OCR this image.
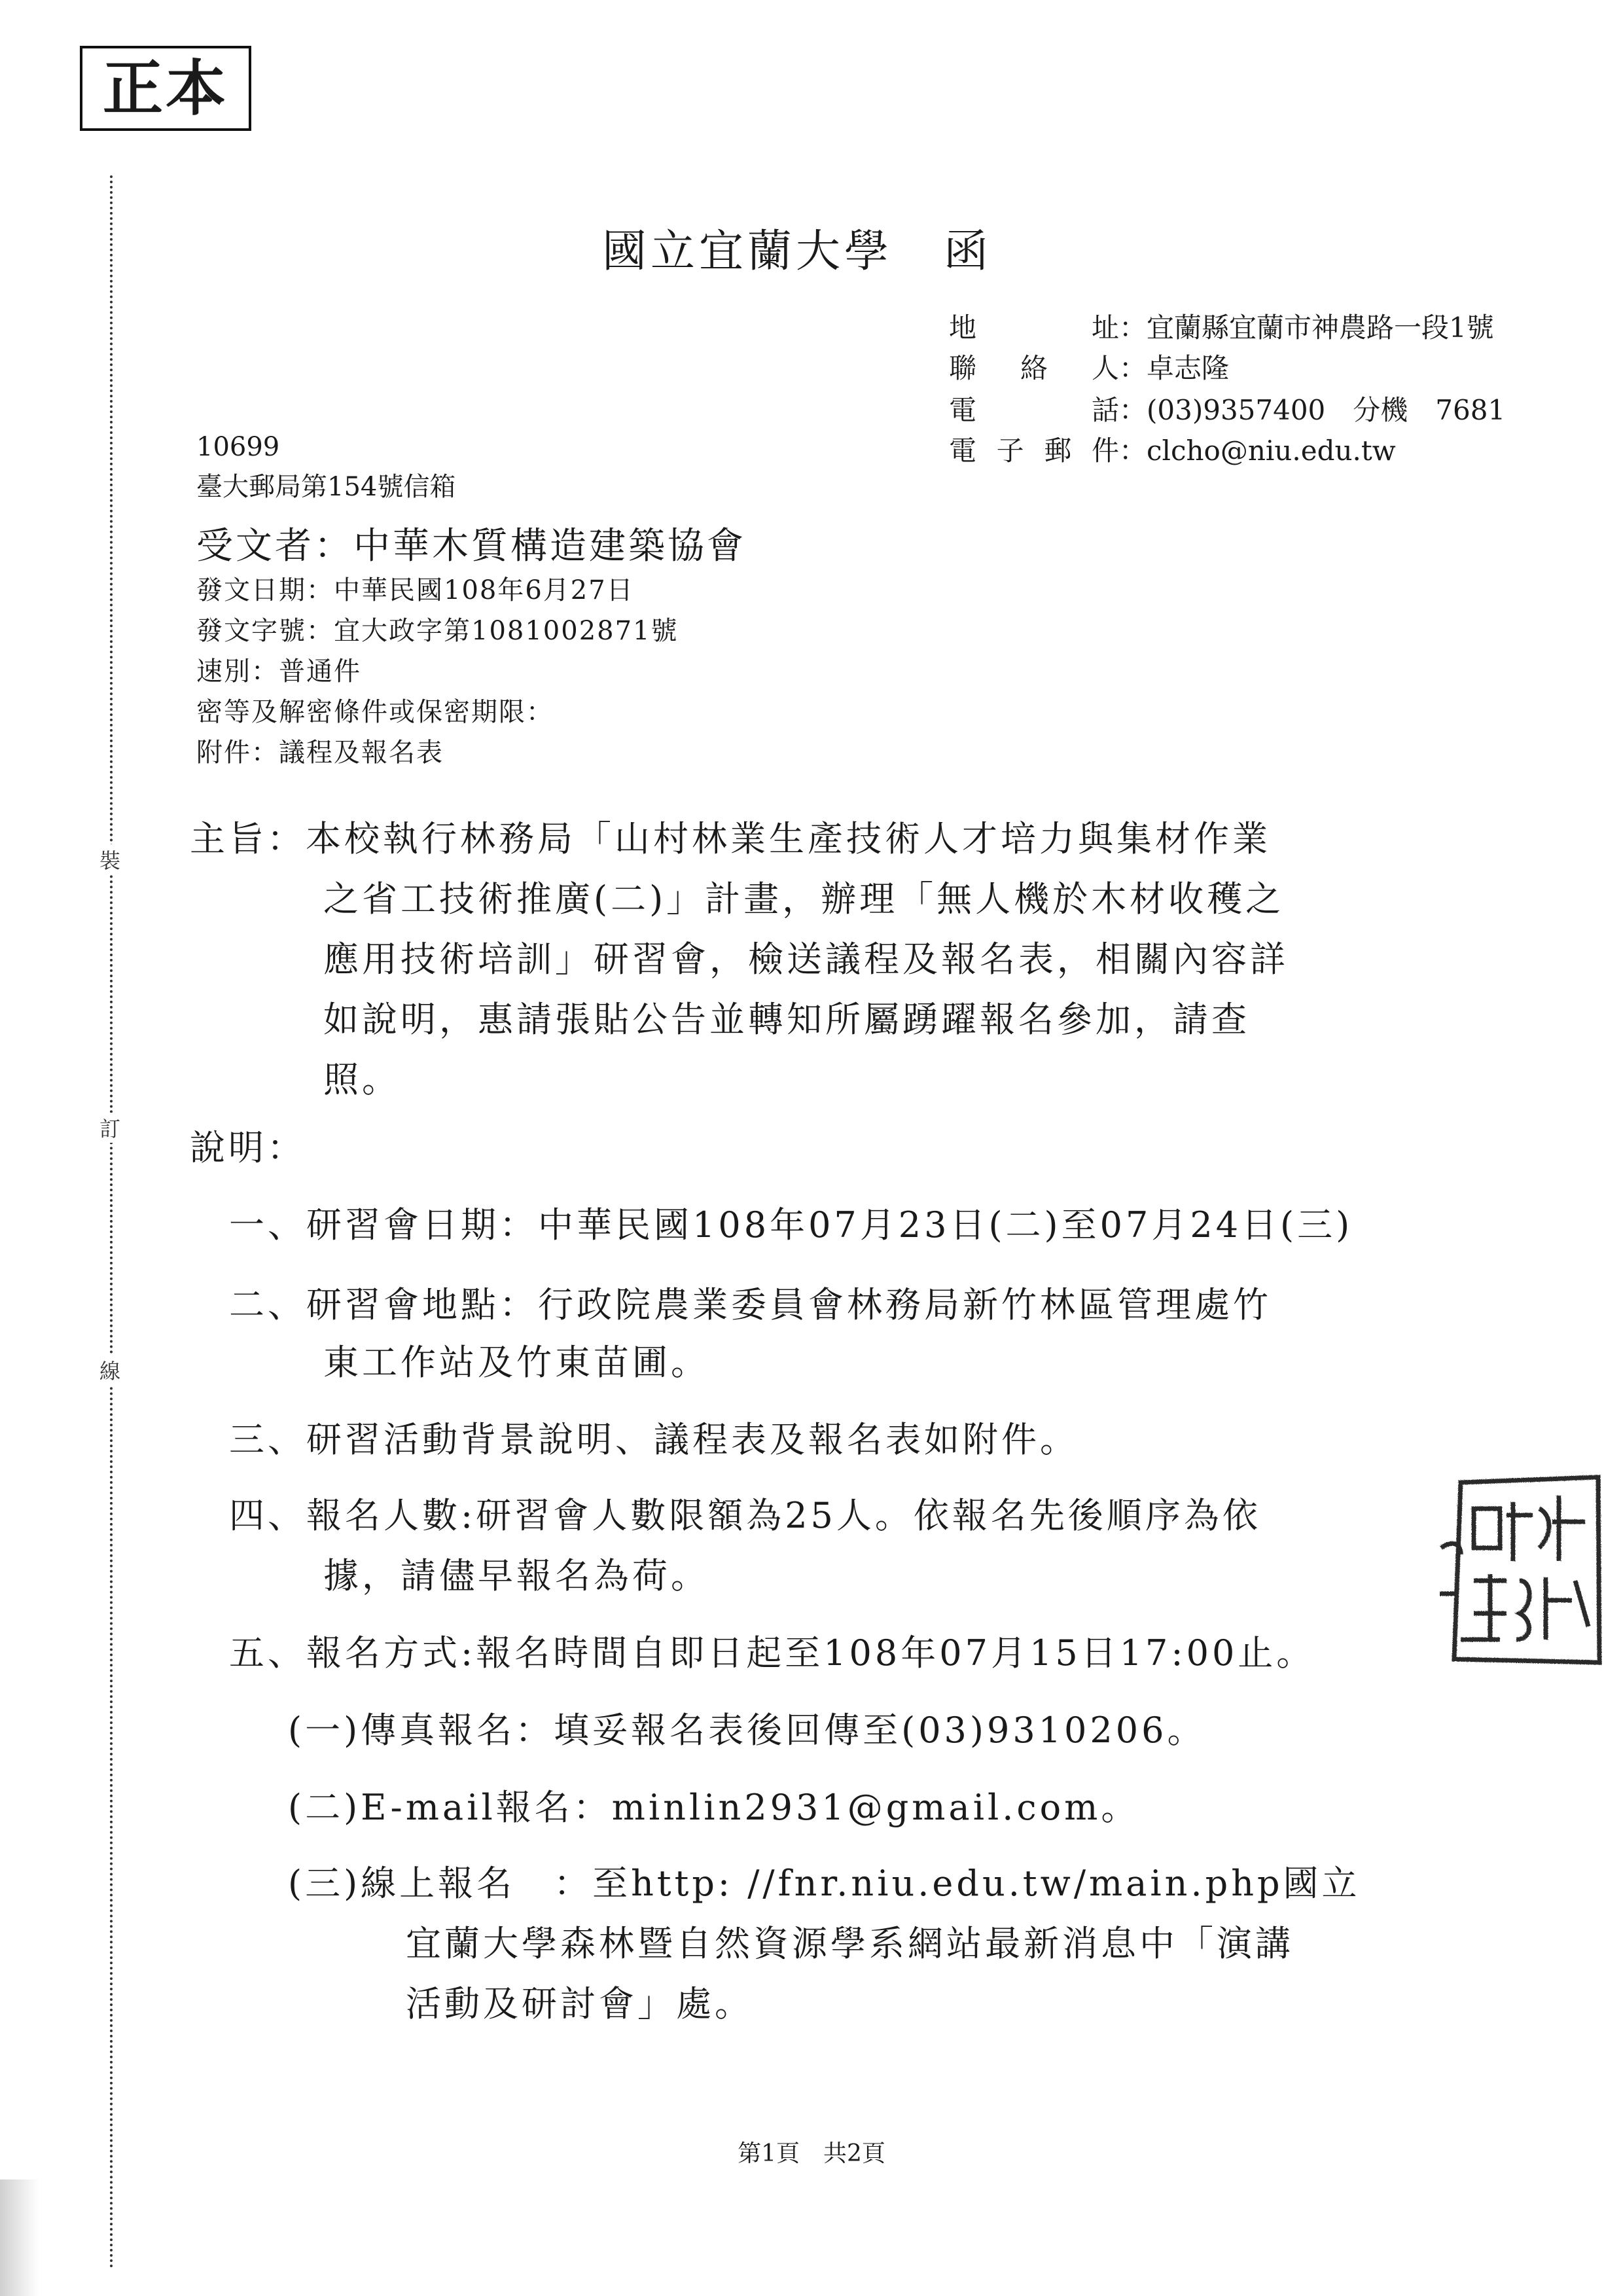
正本
裝
訂
線
國立宜蘭大學 函
地　址：宜蘭縣宜蘭市神農路一段1號
聯絡人：卓志隆
電　話：(03)9357400　分機　7681
電子郵件：clcho@niu.edu.tw
10699
臺大郵局第154號信箱
受文者：中華木質構造建築協會
發文日期：中華民國108年6月27日
發文字號：宜大政字第1081002871號
速別：普通件
密等及解密條件或保密期限：
附件：議程及報名表
主旨：本校執行林務局「山村林業生產技術人才培力與集材作業
之省工技術推廣(二)」計畫，辦理「無人機於木材收穫之
應用技術培訓」研習會，檢送議程及報名表，相關內容詳
如說明，惠請張貼公告並轉知所屬踴躍報名參加，請查
照。
說明：
一、研習會日期：中華民國108年07月23日(二)至07月24日(三)
二、研習會地點：行政院農業委員會林務局新竹林區管理處竹
東工作站及竹東苗圃。
三、研習活動背景說明、議程表及報名表如附件。
四、報名人數:研習會人數限額為25人。依報名先後順序為依
據，請儘早報名為荷。
五、報名方式:報名時間自即日起至108年07月15日17:00止。
(一)傳真報名：填妥報名表後回傳至(03)9310206。
(二)E-mail報名：minlin2931@gmail.com。
(三)線上報名　：至http: //fnr.niu.edu.tw/main.php國立
宜蘭大學森林暨自然資源學系網站最新消息中「演講
活動及研討會」處。
第1頁　共2頁
